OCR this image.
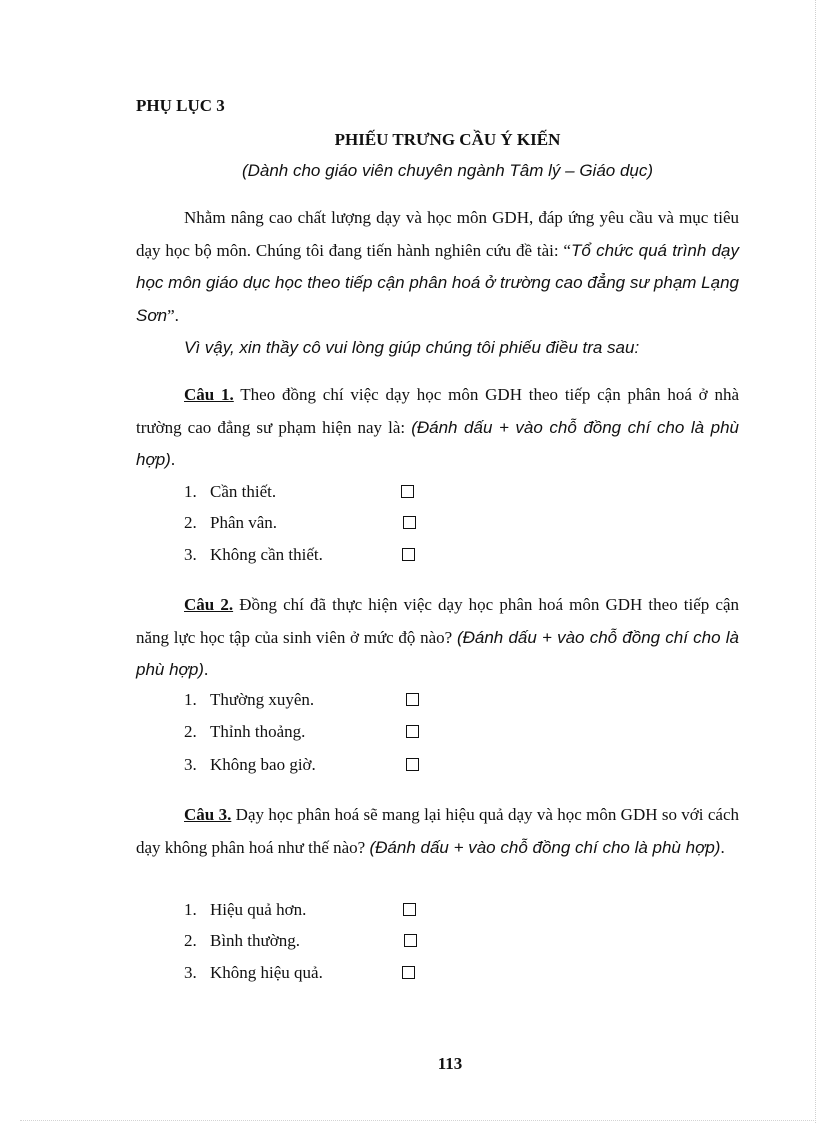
PHỤ LỤC 3

PHIẾU TRƯNG CẦU Ý KIẾN

(Dành cho giáo viên chuyên ngành Tâm lý – Giáo dục)

Nhằm nâng cao chất lượng dạy và học môn GDH, đáp ứng yêu cầu và mục tiêu dạy học bộ môn. Chúng tôi đang tiến hành nghiên cứu đề tài: “Tổ chức quá trình dạy học môn giáo dục học theo tiếp cận phân hoá ở trường cao đẳng sư phạm Lạng Sơn”.

Vì vậy, xin thầy cô vui lòng giúp chúng tôi phiếu điều tra sau:

Câu 1. Theo đồng chí việc dạy học môn GDH theo tiếp cận phân hoá ở nhà trường cao đẳng sư phạm hiện nay là: (Đánh dấu + vào chỗ đồng chí cho là phù hợp).

1. Cần thiết.
2. Phân vân.
3. Không cần thiết.

Câu 2. Đồng chí đã thực hiện việc dạy học phân hoá môn GDH theo tiếp cận năng lực học tập của sinh viên ở mức độ nào? (Đánh dấu + vào chỗ đồng chí cho là phù hợp).

1. Thường xuyên.
2. Thỉnh thoảng.
3. Không bao giờ.

Câu 3. Dạy học phân hoá sẽ mang lại hiệu quả dạy và học môn GDH so với cách dạy không phân hoá như thế nào? (Đánh dấu + vào chỗ đồng chí cho là phù hợp).

1. Hiệu quả hơn.
2. Bình thường.
3. Không hiệu quả.

113
